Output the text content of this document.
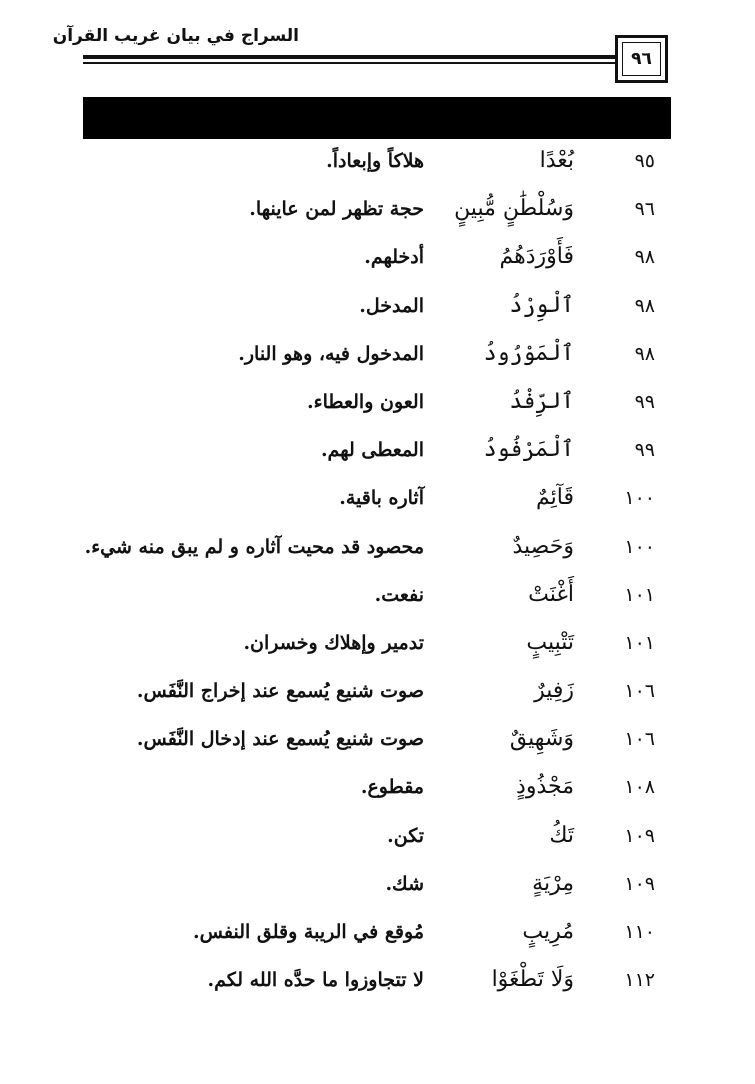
السراج في بيان غريب القرآن
٩٦
٩٥
بُعْدًا
هلاكاً وإبعاداً.
٩٦
وَسُلْطَٰنٍ مُّبِينٍ
حجة تظهر لمن عاينها.
٩٨
فَأَوْرَدَهُمُ
أدخلهم.
٩٨
ٱلْوِرْدُ
المدخل.
٩٨
ٱلْمَوْرُودُ
المدخول فيه، وهو النار.
٩٩
ٱلرِّفْدُ
العون والعطاء.
٩٩
ٱلْمَرْفُودُ
المعطى لهم.
١٠٠
قَآئِمٌ
آثاره باقية.
١٠٠
وَحَصِيدٌ
محصود قد محيت آثاره و لم يبق منه شيء.
١٠١
أَغْنَتْ
نفعت.
١٠١
تَتْبِيبٍ
تدمير وإهلاك وخسران.
١٠٦
زَفِيرٌ
صوت شنيع يُسمع عند إخراج النَّفَس.
١٠٦
وَشَهِيقٌ
صوت شنيع يُسمع عند إدخال النَّفَس.
١٠٨
مَجْذُوذٍ
مقطوع.
١٠٩
تَكُ
تكن.
١٠٩
مِرْيَةٍ
شك.
١١٠
مُرِيبٍ
مُوقع في الريبة وقلق النفس.
١١٢
وَلَا تَطْغَوْا
لا تتجاوزوا ما حدَّه الله لكم.
